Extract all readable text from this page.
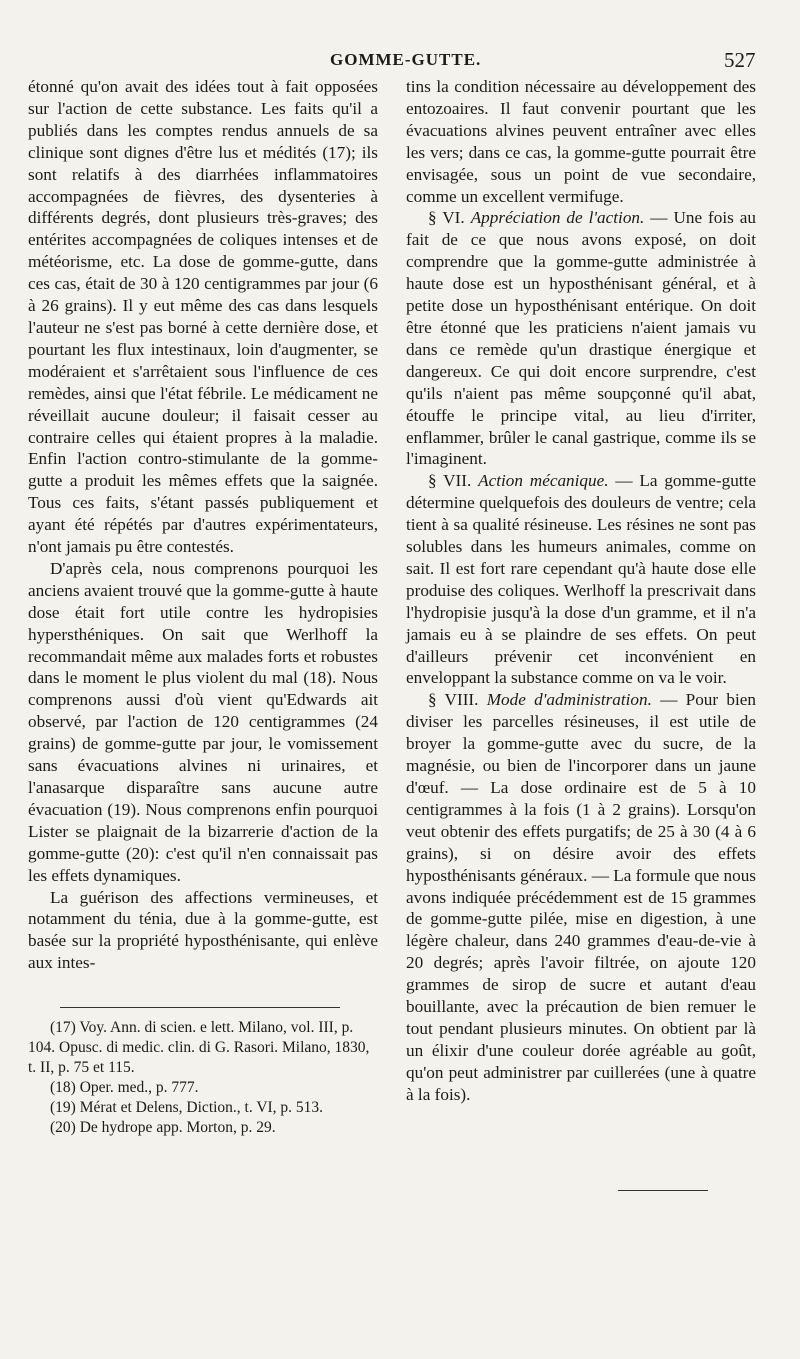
GOMME-GUTTE.	527

étonné qu'on avait des idées tout à fait opposées sur l'action de cette substance. Les faits qu'il a publiés dans les comptes rendus annuels de sa clinique sont dignes d'être lus et médités (17); ils sont relatifs à des diarrhées inflammatoires accompagnées de fièvres, des dysenteries à différents degrés, dont plusieurs très-graves; des entérites accompagnées de coliques intenses et de météorisme, etc. La dose de gomme-gutte, dans ces cas, était de 30 à 120 centigrammes par jour (6 à 26 grains). Il y eut même des cas dans lesquels l'auteur ne s'est pas borné à cette dernière dose, et pourtant les flux intestinaux, loin d'augmenter, se modéraient et s'arrêtaient sous l'influence de ces remèdes, ainsi que l'état fébrile. Le médicament ne réveillait aucune douleur; il faisait cesser au contraire celles qui étaient propres à la maladie. Enfin l'action contro-stimulante de la gomme-gutte a produit les mêmes effets que la saignée. Tous ces faits, s'étant passés publiquement et ayant été répétés par d'autres expérimentateurs, n'ont jamais pu être contestés.

D'après cela, nous comprenons pourquoi les anciens avaient trouvé que la gomme-gutte à haute dose était fort utile contre les hydropisies hypersthéniques. On sait que Werlhoff la recommandait même aux malades forts et robustes dans le moment le plus violent du mal (18). Nous comprenons aussi d'où vient qu'Edwards ait observé, par l'action de 120 centigrammes (24 grains) de gomme-gutte par jour, le vomissement sans évacuations alvines ni urinaires, et l'anasarque disparaître sans aucune autre évacuation (19). Nous comprenons enfin pourquoi Lister se plaignait de la bizarrerie d'action de la gomme-gutte (20): c'est qu'il n'en connaissait pas les effets dynamiques.

La guérison des affections vermineuses, et notamment du ténia, due à la gomme-gutte, est basée sur la propriété hyposthénisante, qui enlève aux intes-

(17) Voy. Ann. di scien. e lett. Milano, vol. III, p. 104. Opusc. di medic. clin. di G. Rasori. Milano, 1830, t. II, p. 75 et 115.
(18) Oper. med., p. 777.
(19) Mérat et Delens, Diction., t. VI, p. 513.
(20) De hydrope app. Morton, p. 29.

tins la condition nécessaire au développement des entozoaires. Il faut convenir pourtant que les évacuations alvines peuvent entraîner avec elles les vers; dans ce cas, la gomme-gutte pourrait être envisagée, sous un point de vue secondaire, comme un excellent vermifuge.

§ VI. Appréciation de l'action. — Une fois au fait de ce que nous avons exposé, on doit comprendre que la gomme-gutte administrée à haute dose est un hyposthénisant général, et à petite dose un hyposthénisant entérique. On doit être étonné que les praticiens n'aient jamais vu dans ce remède qu'un drastique énergique et dangereux. Ce qui doit encore surprendre, c'est qu'ils n'aient pas même soupçonné qu'il abat, étouffe le principe vital, au lieu d'irriter, enflammer, brûler le canal gastrique, comme ils se l'imaginent.

§ VII. Action mécanique. — La gomme-gutte détermine quelquefois des douleurs de ventre; cela tient à sa qualité résineuse. Les résines ne sont pas solubles dans les humeurs animales, comme on sait. Il est fort rare cependant qu'à haute dose elle produise des coliques. Werlhoff la prescrivait dans l'hydropisie jusqu'à la dose d'un gramme, et il n'a jamais eu à se plaindre de ses effets. On peut d'ailleurs prévenir cet inconvénient en enveloppant la substance comme on va le voir.

§ VIII. Mode d'administration. — Pour bien diviser les parcelles résineuses, il est utile de broyer la gomme-gutte avec du sucre, de la magnésie, ou bien de l'incorporer dans un jaune d'œuf. — La dose ordinaire est de 5 à 10 centigrammes à la fois (1 à 2 grains). Lorsqu'on veut obtenir des effets purgatifs; de 25 à 30 (4 à 6 grains), si on désire avoir des effets hyposthénisants généraux. — La formule que nous avons indiquée précédemment est de 15 grammes de gomme-gutte pilée, mise en digestion, à une légère chaleur, dans 240 grammes d'eau-de-vie à 20 degrés; après l'avoir filtrée, on ajoute 120 grammes de sirop de sucre et autant d'eau bouillante, avec la précaution de bien remuer le tout pendant plusieurs minutes. On obtient par là un élixir d'une couleur dorée agréable au goût, qu'on peut administrer par cuillerées (une à quatre à la fois).
